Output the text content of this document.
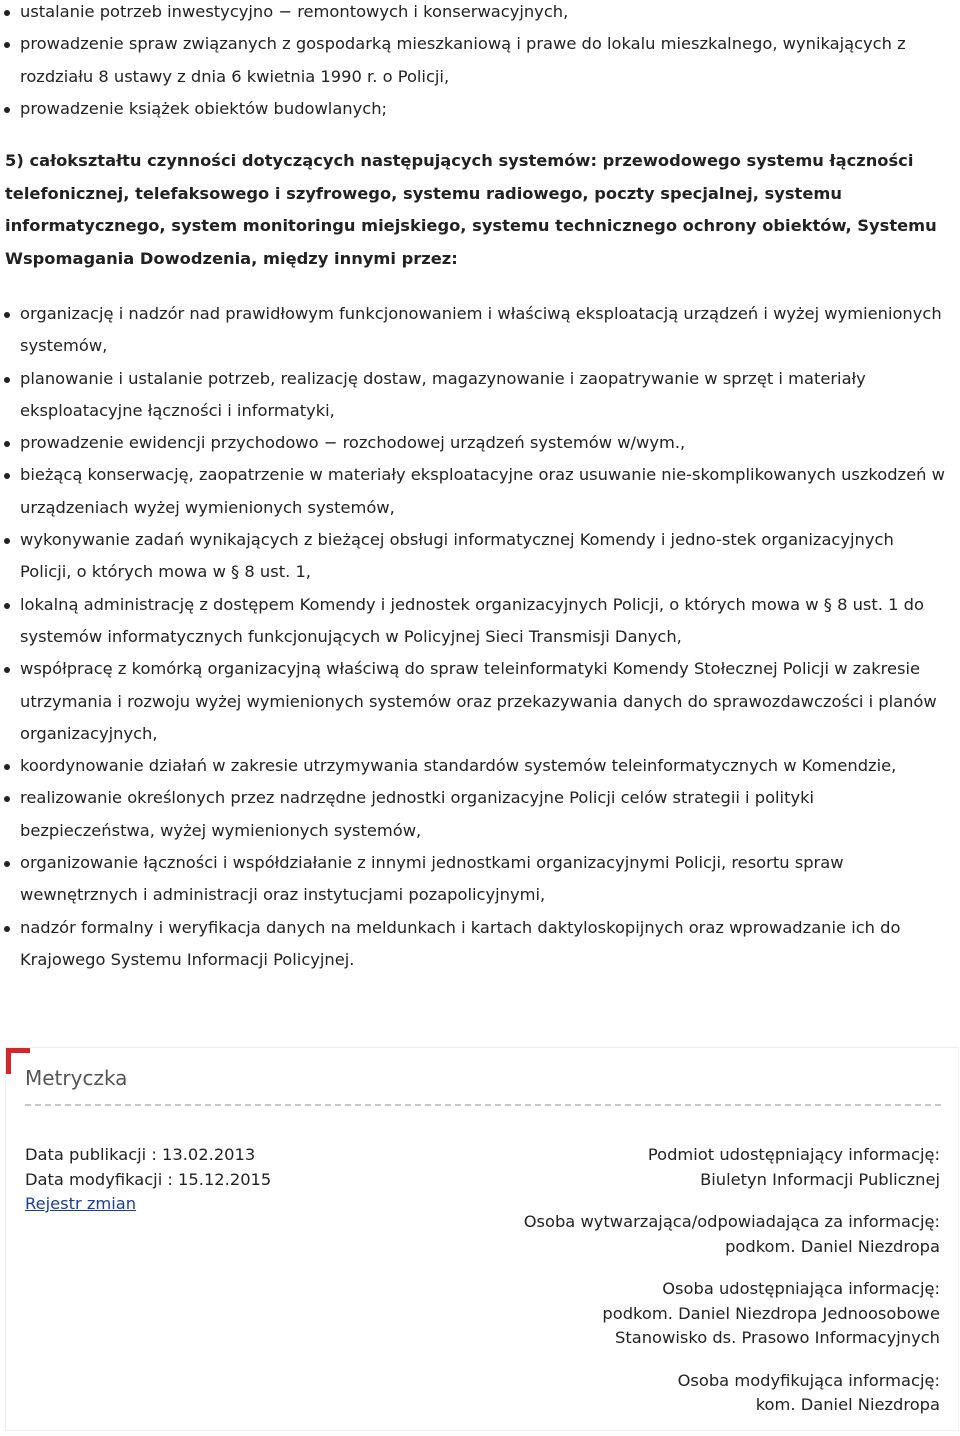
ustalanie potrzeb inwestycyjno − remontowych i konserwacyjnych,
prowadzenie spraw związanych z gospodarką mieszkaniową i prawe do lokalu mieszkalnego, wynikających z rozdziału 8 ustawy z dnia 6 kwietnia 1990 r. o Policji,
prowadzenie książek obiektów budowlanych;
5) całokształtu czynności dotyczących następujących systemów: przewodowego systemu łączności telefonicznej, telefaksowego i szyfrowego, systemu radiowego, poczty specjalnej, systemu informatycznego, system monitoringu miejskiego, systemu technicznego ochrony obiektów, Systemu Wspomagania Dowodzenia, między innymi przez:
organizację i nadzór nad prawidłowym funkcjonowaniem i właściwą eksploatacją urządzeń i wyżej wymienionych systemów,
planowanie i ustalanie potrzeb, realizację dostaw, magazynowanie i zaopatrywanie w sprzęt i materiały eksploatacyjne łączności i informatyki,
prowadzenie ewidencji przychodowo − rozchodowej urządzeń systemów w/wym.,
bieżącą konserwację, zaopatrzenie w materiały eksploatacyjne oraz usuwanie nie-skomplikowanych uszkodzeń w urządzeniach wyżej wymienionych systemów,
wykonywanie zadań wynikających z bieżącej obsługi informatycznej Komendy i jedno-stek organizacyjnych Policji, o których mowa w § 8 ust. 1,
lokalną administrację z dostępem Komendy i jednostek organizacyjnych Policji, o których mowa w § 8 ust. 1 do systemów informatycznych funkcjonujących w Policyjnej Sieci Transmisji Danych,
współpracę z komórką organizacyjną właściwą do spraw teleinformatyki Komendy Stołecznej Policji w zakresie utrzymania i rozwoju wyżej wymienionych systemów oraz przekazywania danych do sprawozdawczości i planów organizacyjnych,
koordynowanie działań w zakresie utrzymywania standardów systemów teleinformatycznych w Komendzie,
realizowanie określonych przez nadrzędne jednostki organizacyjne Policji celów strategii i polityki bezpieczeństwa, wyżej wymienionych systemów,
organizowanie łączności i współdziałanie z innymi jednostkami organizacyjnymi Policji, resortu spraw wewnętrznych i administracji oraz instytucjami pozapolicyjnymi,
nadzór formalny i weryfikacja danych na meldunkach i kartach daktyloskopijnych oraz wprowadzanie ich do Krajowego Systemu Informacji Policyjnej.
Metryczka
Data publikacji : 13.02.2013
Data modyfikacji : 15.12.2015
Rejestr zmian
Podmiot udostępniający informację:
Biuletyn Informacji Publicznej
Osoba wytwarzająca/odpowiadająca za informację:
podkom. Daniel Niezdropa
Osoba udostępniająca informację:
podkom. Daniel Niezdropa Jednoosobowe
Stanowisko ds. Prasowo Informacyjnych
Osoba modyfikująca informację:
kom. Daniel Niezdropa
